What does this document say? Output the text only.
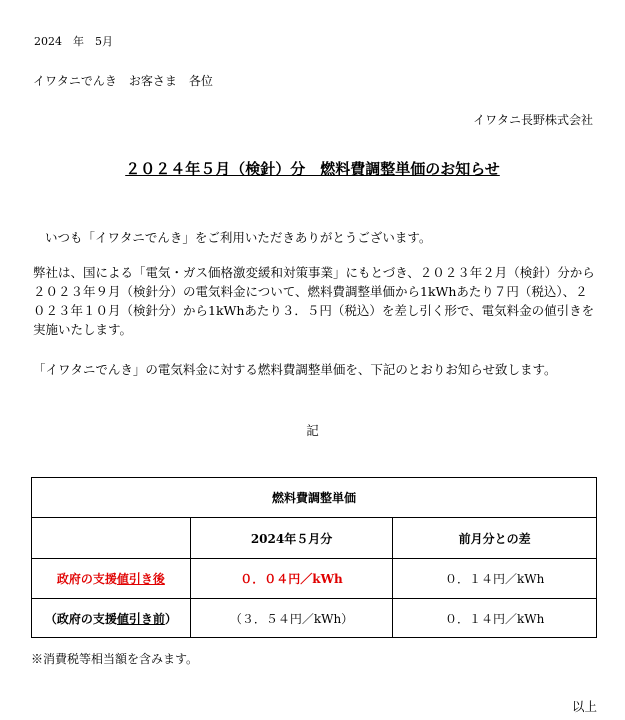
2024　年　5月
イワタニでんき　お客さま　各位
イワタニ長野株式会社
２０２４年５月（検針）分　燃料費調整単価のお知らせ
いつも「イワタニでんき」をご利用いただきありがとうございます。
弊社は、国による「電気・ガス価格激変緩和対策事業」にもとづき、２０２３年２月（検針）分から２０２３年９月（検針分）の電気料金について、燃料費調整単価から1kWhあたり７円（税込）、２０２３年１０月（検針分）から1kWhあたり３．５円（税込）を差し引く形で、電気料金の値引きを実施いたします。
「イワタニでんき」の電気料金に対する燃料費調整単価を、下記のとおりお知らせ致します。
記
燃料費調整単価		
	2024年５月分	前月分との差
政府の支援値引き後	０．０４円／kWh	０．１４円／kWh
（政府の支援値引き前）	（３．５４円／kWh）	０．１４円／kWh
※消費税等相当額を含みます。
以上
